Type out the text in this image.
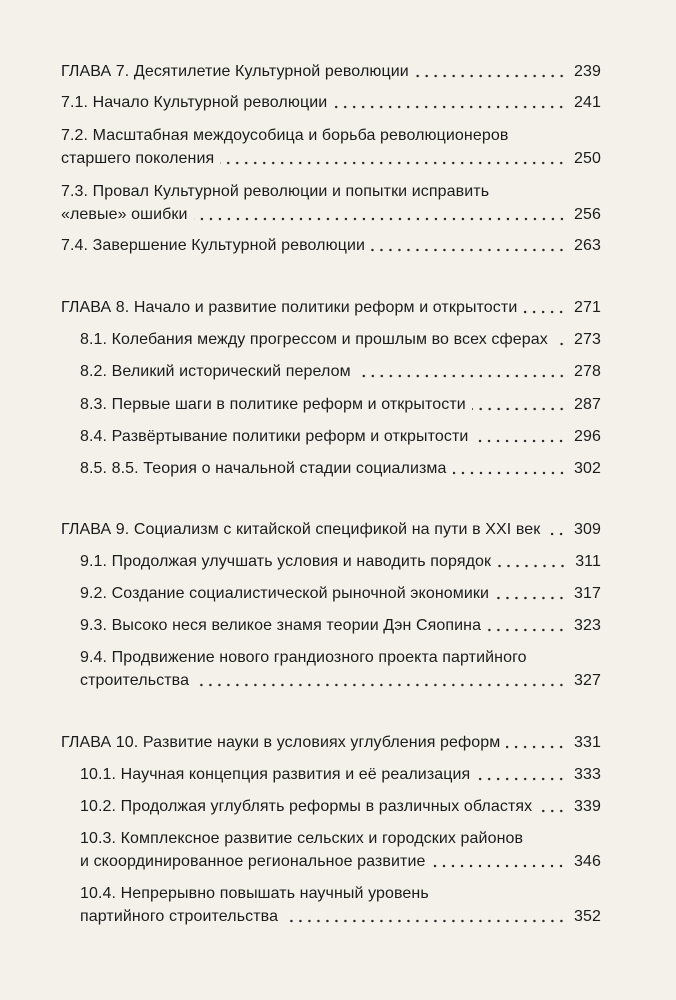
ГЛАВА 7. Десятилетие Культурной революции	239
7.1. Начало Культурной революции	241
7.2. Масштабная междоусобица и борьба революционеров
старшего поколения	250
7.3. Провал Культурной революции и попытки исправить
«левые» ошибки	256
7.4. Завершение Культурной революции	263
ГЛАВА 8. Начало и развитие политики реформ и открытости	271
8.1. Колебания между прогрессом и прошлым во всех сферах 273
8.2. Великий исторический перелом	278
8.3. Первые шаги в политике реформ и открытости	287
8.4. Развёртывание политики реформ и открытости	296
8.5. 8.5. Теория о начальной стадии социализма	302
ГЛАВА 9. Социализм с китайской спецификой на пути в XXI век 309
9.1. Продолжая улучшать условия и наводить порядок	311
9.2. Создание социалистической рыночной экономики	317
9.3. Высоко неся великое знамя теории Дэн Сяопина	323
9.4. Продвижение нового грандиозного проекта партийного
строительства	327
ГЛАВА 10. Развитие науки в условиях углубления реформ	331
10.1. Научная концепция развития и её реализация	333
10.2. Продолжая углублять реформы в различных областях	339
10.3. Комплексное развитие сельских и городских районов
и скоординированное региональное развитие	346
10.4. Непрерывно повышать научный уровень
партийного строительства	352
